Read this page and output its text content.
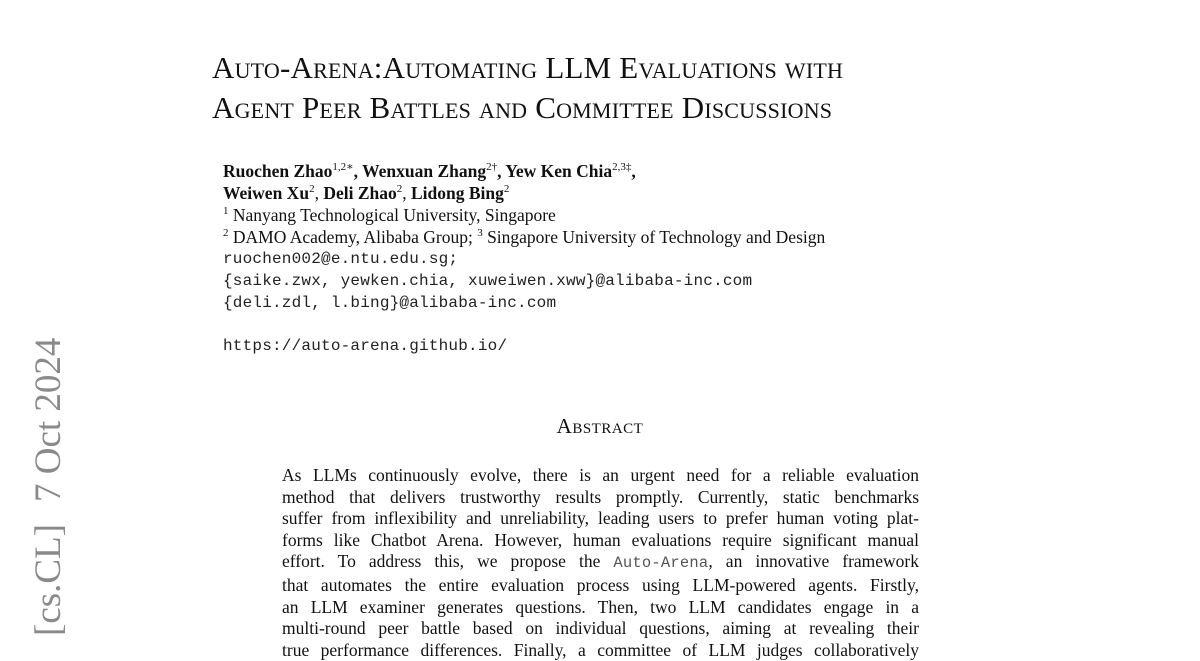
[cs.CL]7 Oct 2024
Auto-Arena:Automating LLM Evaluations with
Agent Peer Battles and Committee Discussions
Ruochen Zhao$^{1,2∗}$, Wenxuan Zhang$^{2\dagger}$, Yew Ken Chia$^{2,3\ddagger}$,
Weiwen Xu$^2$, Deli Zhao$^2$, Lidong Bing$^2$
$^1$ Nanyang Technological University, Singapore
$^2$ DAMO Academy, Alibaba Group; $^3$ Singapore University of Technology and Design
ruochen002@e.ntu.edu.sg;
{saike.zwx, yewken.chia, xuweiwen.xww}@alibaba-inc.com
{deli.zdl, l.bing}@alibaba-inc.com
https://auto-arena.github.io/
Abstract
As LLMs continuously evolve, there is an urgent need for a reliable evaluation
method that delivers trustworthy results promptly. Currently, static benchmarks
suffer from inflexibility and unreliability, leading users to prefer human voting plat-
forms like Chatbot Arena. However, human evaluations require significant manual
effort. To address this, we propose the Auto-Arena, an innovative framework
that automates the entire evaluation process using LLM-powered agents. Firstly,
an LLM examiner generates questions. Then, two LLM candidates engage in a
multi-round peer battle based on individual questions, aiming at revealing their
true performance differences. Finally, a committee of LLM judges collaboratively
